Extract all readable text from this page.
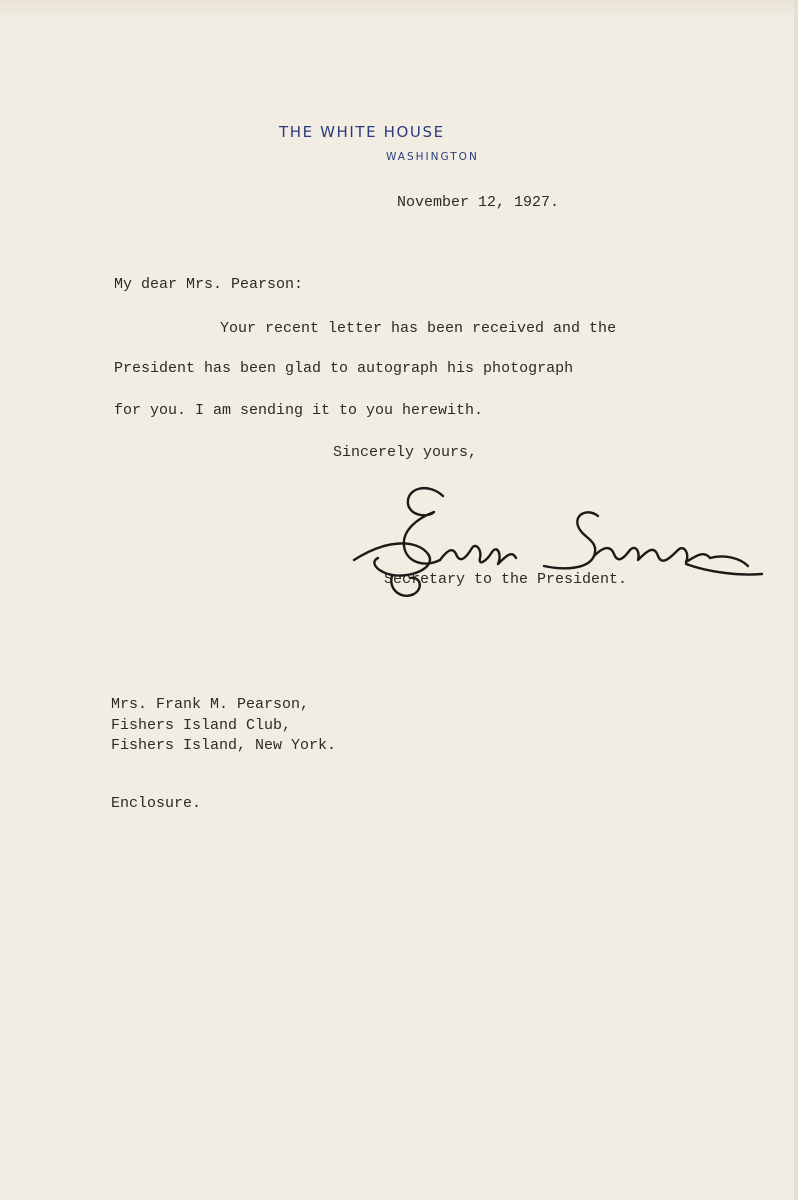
THE WHITE HOUSE
WASHINGTON
November 12, 1927.
My dear Mrs. Pearson:
Your recent letter has been received and the
President has been glad to autograph his photograph
for you. I am sending it to you herewith.
Sincerely yours,
Secretary to the President.
Mrs. Frank M. Pearson,
Fishers Island Club,
Fishers Island, New York.
Enclosure.
